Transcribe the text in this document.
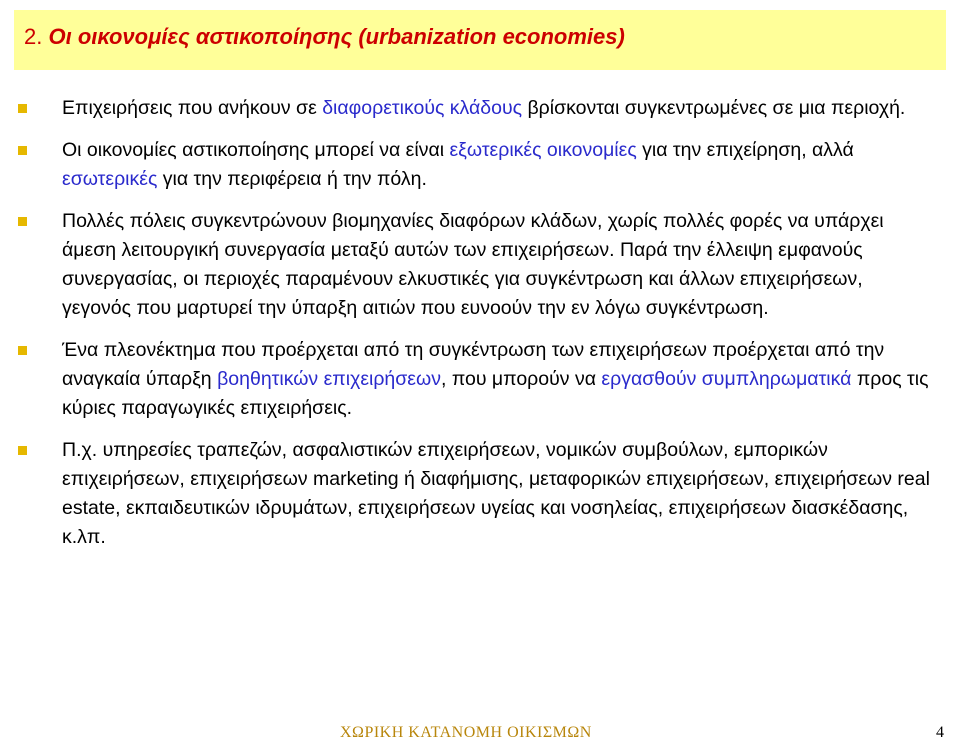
2. Οι οικονομίες αστικοποίησης (urbanization economies)
Επιχειρήσεις που ανήκουν σε διαφορετικούς κλάδους βρίσκονται συγκεντρωμένες σε μια περιοχή.
Οι οικονομίες αστικοποίησης μπορεί να είναι εξωτερικές οικονομίες για την επιχείρηση, αλλά εσωτερικές για την περιφέρεια ή την πόλη.
Πολλές πόλεις συγκεντρώνουν βιομηχανίες διαφόρων κλάδων, χωρίς πολλές φορές να υπάρχει άμεση λειτουργική συνεργασία μεταξύ αυτών των επιχειρήσεων. Παρά την έλλειψη εμφανούς συνεργασίας, οι περιοχές παραμένουν ελκυστικές για συγκέντρωση και άλλων επιχειρήσεων, γεγονός που μαρτυρεί την ύπαρξη αιτιών που ευνοούν την εν λόγω συγκέντρωση.
Ένα πλεονέκτημα που προέρχεται από τη συγκέντρωση των επιχειρήσεων προέρχεται από την αναγκαία ύπαρξη βοηθητικών επιχειρήσεων, που μπορούν να εργασθούν συμπληρωματικά προς τις κύριες παραγωγικές επιχειρήσεις.
Π.χ. υπηρεσίες τραπεζών, ασφαλιστικών επιχειρήσεων, νομικών συμβούλων, εμπορικών επιχειρήσεων, επιχειρήσεων marketing ή διαφήμισης, μεταφορικών επιχειρήσεων, επιχειρήσεων real estate, εκπαιδευτικών ιδρυμάτων, επιχειρήσεων υγείας και νοσηλείας, επιχειρήσεων διασκέδασης, κ.λπ.
ΧΩΡΙΚΗ ΚΑΤΑΝΟΜΗ ΟΙΚΙΣΜΩΝ	4
